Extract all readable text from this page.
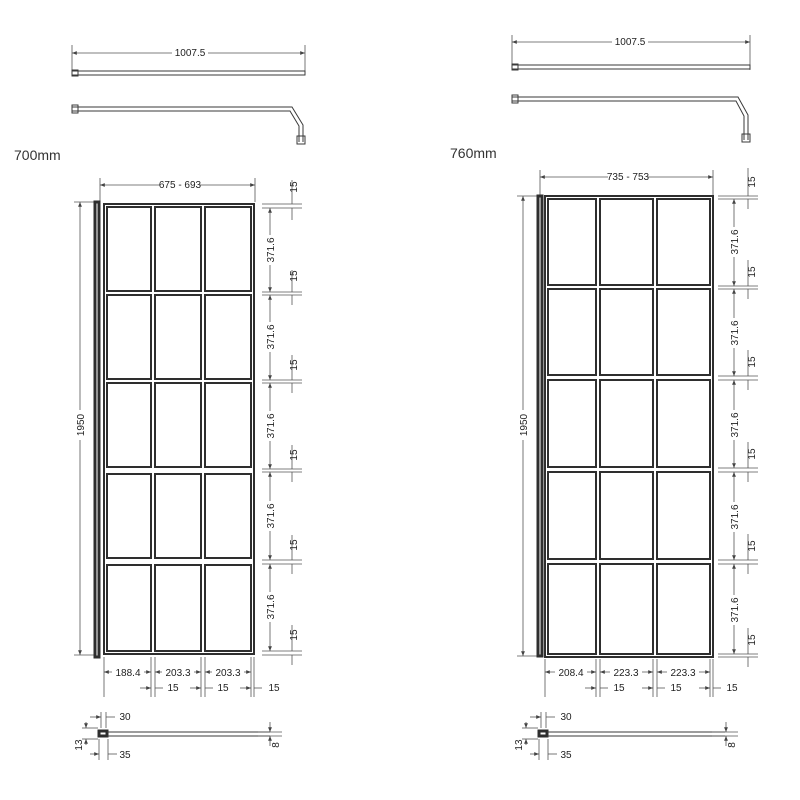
1007.5
700mm
675 - 693
1950
371.6
371.6
371.6
371.6
371.6
15
15
15
15
15
15
188.4 203.3 203.3
15	15	15
30
13
35
8
1007.5
760mm
735 - 753
1950
371.6
371.6
371.6
371.6
371.6
15
15
15
15
15
15
208.4	223.3	223.3
15	15	15
30
13
35
8
